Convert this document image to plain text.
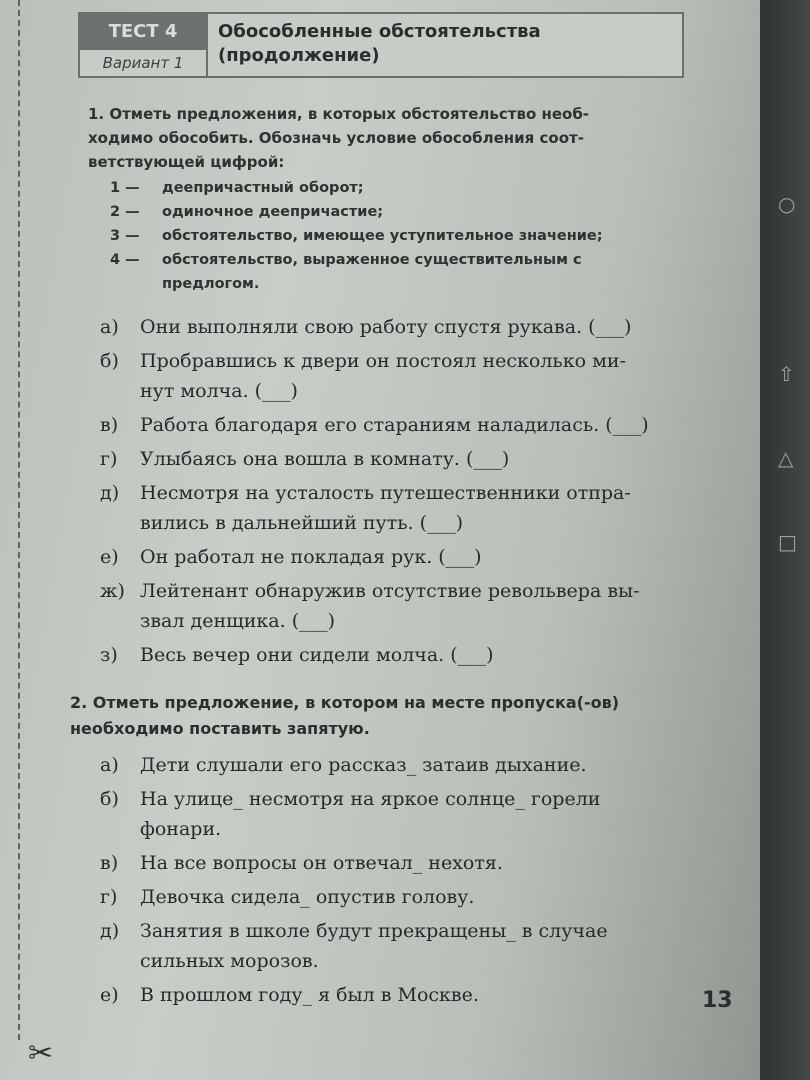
✂
ТЕСТ 4
Вариант 1
Обособленные обстоятельства
(продолжение)
1. Отметь предложения, в которых обстоятельство необ-
ходимо обособить. Обозначь условие обособления соот-
ветствующей цифрой:
1 —	деепричастный оборот;
2 —	одиночное деепричастие;
3 —	обстоятельство, имеющее уступительное значение;
4 —	обстоятельство, выраженное существительным с
предлогом.
а)	Они выполняли свою работу спустя рукава. (___)
б)	Пробравшись к двери он постоял несколько ми-
нут молча. (___)
в)	Работа благодаря его стараниям наладилась. (___)
г)	Улыбаясь она вошла в комнату. (___)
д)	Несмотря на усталость путешественники отпра-
вились в дальнейший путь. (___)
е)	Он работал не покладая рук. (___)
ж) Лейтенант обнаружив отсутствие револьвера вы-
звал денщика. (___)
з)	Весь вечер они сидели молча. (___)
2. Отметь предложение, в котором на месте пропуска(-ов)
необходимо поставить запятую.
а)	Дети слушали его рассказ_ затаив дыхание.
б)	На улице_ несмотря на яркое солнце_ горели
фонари.
в)	На все вопросы он отвечал_ нехотя.
г)	Девочка сидела_ опустив голову.
д)	Занятия в школе будут прекращены_ в случае
сильных морозов.
е)	В прошлом году_ я был в Москве.	13
○
⇧
△
□
